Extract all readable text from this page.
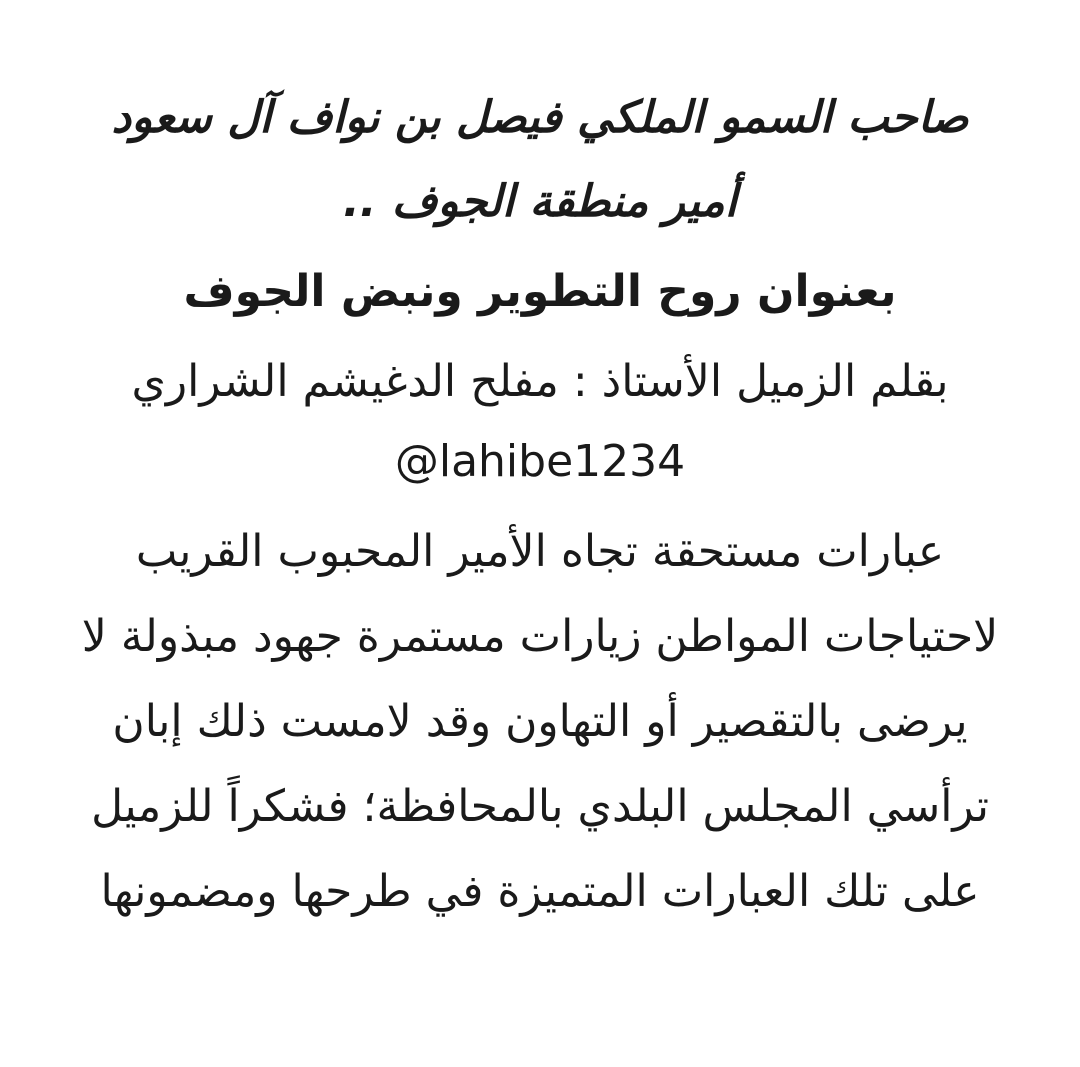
صاحب السمو الملكي فيصل بن نواف آل سعود
أمير منطقة الجوف ..
بعنوان روح التطوير ونبض الجوف
بقلم الزميل الأستاذ : مفلح الدغيشم الشراري
@lahibe1234
عبارات مستحقة تجاه الأمير المحبوب القريب
لاحتياجات المواطن زيارات مستمرة جهود مبذولة لا
يرضى بالتقصير أو التهاون وقد لامست ذلك إبان
ترأسي المجلس البلدي بالمحافظة؛ فشكراً للزميل
على تلك العبارات المتميزة في طرحها ومضمونها
